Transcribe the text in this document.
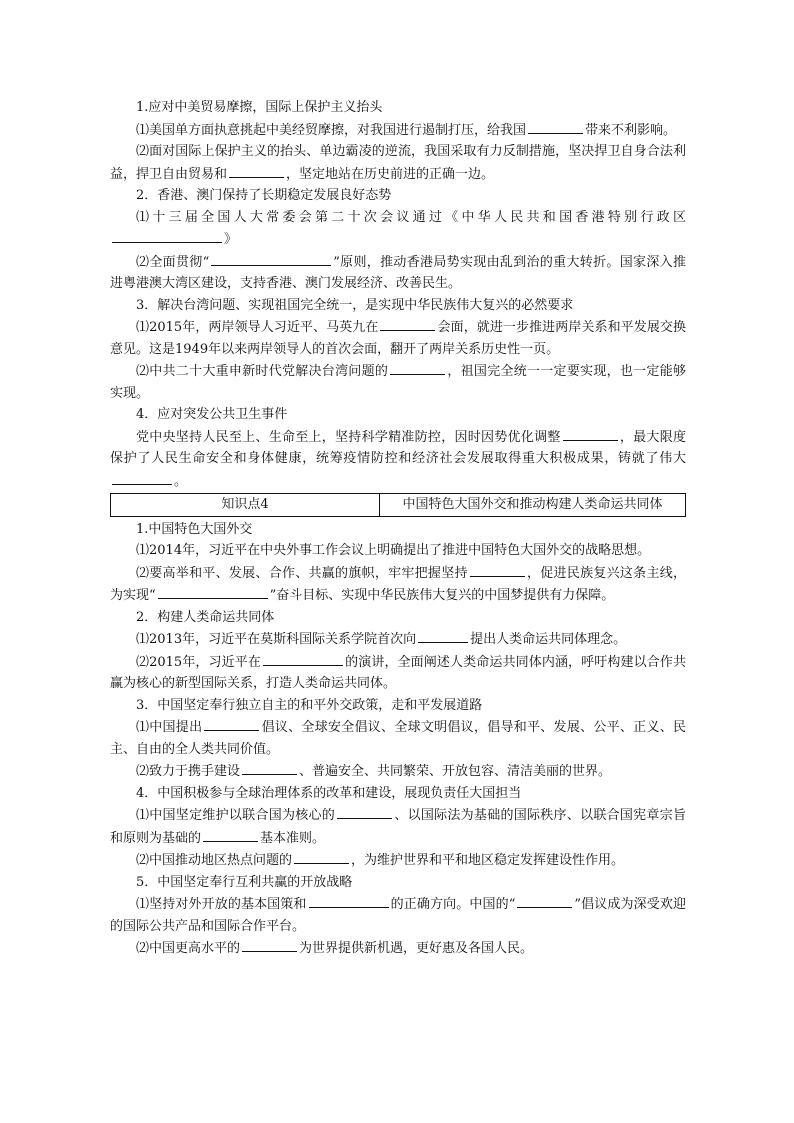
1.应对中美贸易摩擦，国际上保护主义抬头

⑴美国单方面执意挑起中美经贸摩擦，对我国进行遏制打压，给我国	带来不利影响。

⑵面对国际上保护主义的抬头、单边霸凌的逆流，我国采取有力反制措施，坚决捍卫自身合法利益，捍卫自由贸易和	，坚定地站在历史前进的正确一边。

2．香港、澳门保持了长期稳定发展良好态势

⑴十三届全国人大常委会第二十次会议通过《中华人民共和国香港特别行政区》

⑵全面贯彻“	”原则，推动香港局势实现由乱到治的重大转折。国家深入推进粤港澳大湾区建设，支持香港、澳门发展经济、改善民生。

3．解决台湾问题、实现祖国完全统一，是实现中华民族伟大复兴的必然要求

⑴2015年，两岸领导人习近平、马英九在	会面，就进一步推进两岸关系和平发展交换意见。这是1949年以来两岸领导人的首次会面，翻开了两岸关系历史性一页。

⑵中共二十大重申新时代党解决台湾问题的	，祖国完全统一一定要实现，也一定能够实现。

4．应对突发公共卫生事件

党中央坚持人民至上、生命至上，坚持科学精准防控，因时因势优化调整	，最大限度保护了人民生命安全和身体健康，统筹疫情防控和经济社会发展取得重大积极成果，铸就了伟大。

知识点4	中国特色大国外交和推动构建人类命运共同体

1.中国特色大国外交

⑴2014年，习近平在中央外事工作会议上明确提出了推进中国特色大国外交的战略思想。

⑵要高举和平、发展、合作、共赢的旗帜，牢牢把握坚持	，促进民族复兴这条主线，为实现“	”奋斗目标、实现中华民族伟大复兴的中国梦提供有力保障。

2．构建人类命运共同体

⑴2013年，习近平在莫斯科国际关系学院首次向	提出人类命运共同体理念。

⑵2015年，习近平在	的演讲，全面阐述人类命运共同体内涵，呼吁构建以合作共赢为核心的新型国际关系，打造人类命运共同体。

3．中国坚定奉行独立自主的和平外交政策，走和平发展道路

⑴中国提出	倡议、全球安全倡议、全球文明倡议，倡导和平、发展、公平、正义、民主、自由的全人类共同价值。

⑵致力于携手建设	、普遍安全、共同繁荣、开放包容、清洁美丽的世界。

4．中国积极参与全球治理体系的改革和建设，展现负责任大国担当

⑴中国坚定维护以联合国为核心的	、以国际法为基础的国际秩序、以联合国宪章宗旨和原则为基础的	基本准则。

⑵中国推动地区热点问题的	，为维护世界和平和地区稳定发挥建设性作用。

5．中国坚定奉行互利共赢的开放战略

⑴坚持对外开放的基本国策和	的正确方向。中国的“	”倡议成为深受欢迎的国际公共产品和国际合作平台。

⑵中国更高水平的	为世界提供新机遇，更好惠及各国人民。
